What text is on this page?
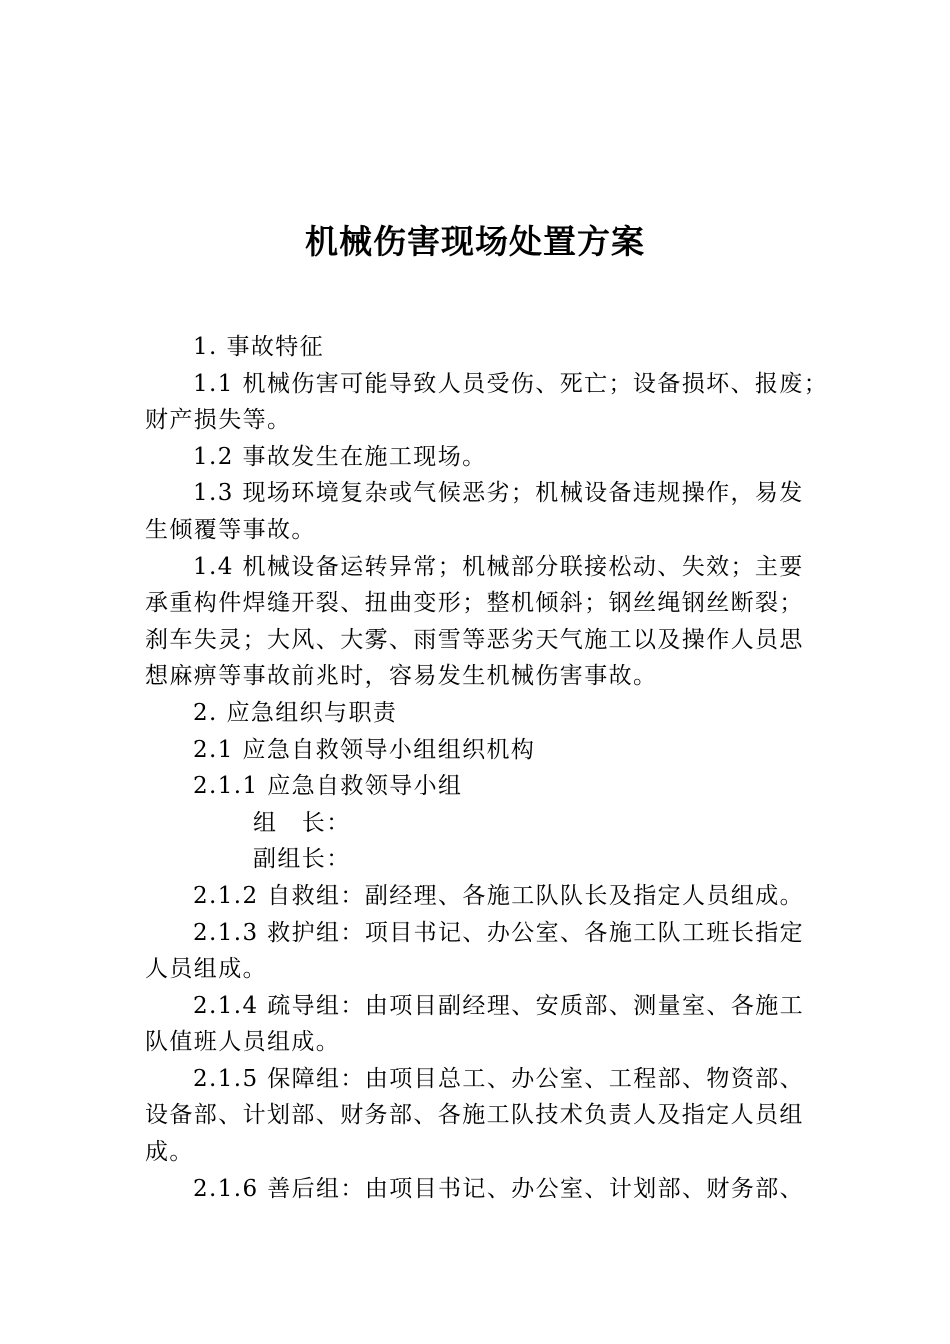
机械伤害现场处置方案
1. 事故特征
1.1 机械伤害可能导致人员受伤、死亡；设备损坏、报废；
财产损失等。
1.2 事故发生在施工现场。
1.3 现场环境复杂或气候恶劣；机械设备违规操作，易发
生倾覆等事故。
1.4 机械设备运转异常；机械部分联接松动、失效；主要
承重构件焊缝开裂、扭曲变形；整机倾斜；钢丝绳钢丝断裂；
刹车失灵；大风、大雾、雨雪等恶劣天气施工以及操作人员思
想麻痹等事故前兆时，容易发生机械伤害事故。
2. 应急组织与职责
2.1 应急自救领导小组组织机构
2.1.1 应急自救领导小组
组　长：
副组长：
2.1.2 自救组：副经理、各施工队队长及指定人员组成。
2.1.3 救护组：项目书记、办公室、各施工队工班长指定
人员组成。
2.1.4 疏导组：由项目副经理、安质部、测量室、各施工
队值班人员组成。
2.1.5 保障组：由项目总工、办公室、工程部、物资部、
设备部、计划部、财务部、各施工队技术负责人及指定人员组
成。
2.1.6 善后组：由项目书记、办公室、计划部、财务部、
